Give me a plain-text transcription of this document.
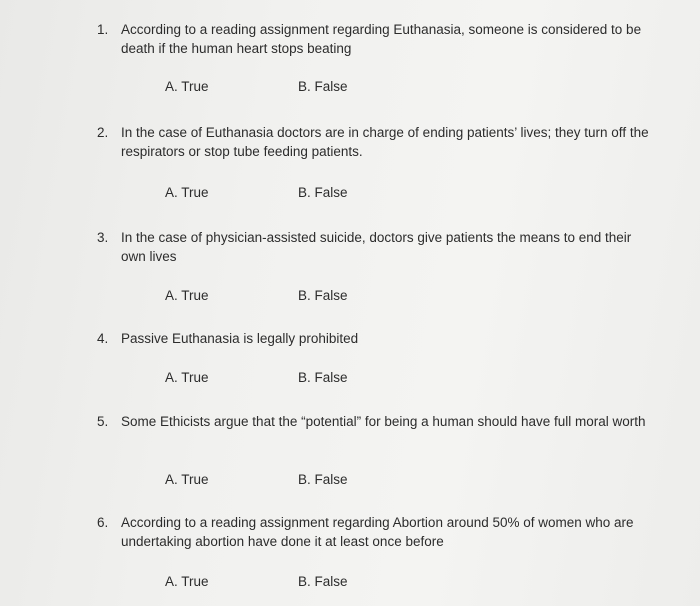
1. According to a reading assignment regarding Euthanasia, someone is considered to be death if the human heart stops beating
A. True	B. False
2. In the case of Euthanasia doctors are in charge of ending patients’ lives; they turn off the respirators or stop tube feeding patients.
A. True	B. False
3. In the case of physician-assisted suicide, doctors give patients the means to end their own lives
A. True	B. False
4. Passive Euthanasia is legally prohibited
A. True	B. False
5. Some Ethicists argue that the “potential” for being a human should have full moral worth
A. True	B. False
6. According to a reading assignment regarding Abortion around 50% of women who are undertaking abortion have done it at least once before
A. True	B. False
